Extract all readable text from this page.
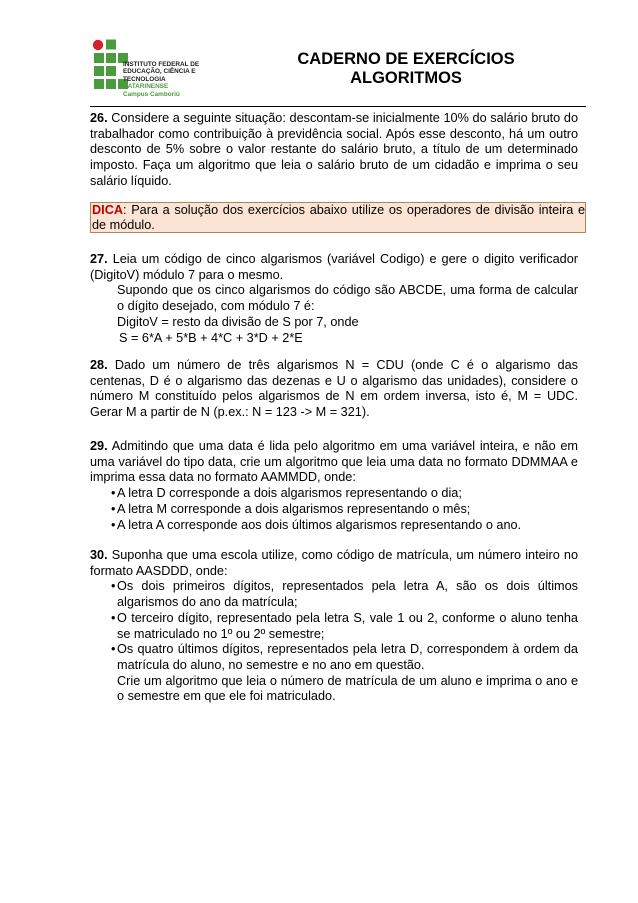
INSTITUTO FEDERAL DE
EDUCAÇÃO, CIÊNCIA E TECNOLOGIA
CATARINENSE
Campus Camboriú
CADERNO DE EXERCÍCIOS
ALGORITMOS
26. Considere a seguinte situação: descontam-se inicialmente 10% do salário bruto do trabalhador como contribuição à previdência social. Após esse desconto, há um outro desconto de 5% sobre o valor restante do salário bruto, a título de um determinado imposto. Faça um algoritmo que leia o salário bruto de um cidadão e imprima o seu salário líquido.
DICA: Para a solução dos exercícios abaixo utilize os operadores de divisão inteira e de módulo.
27. Leia um código de cinco algarismos (variável Codigo) e gere o digito verificador (DigitoV) módulo 7 para o mesmo.
Supondo que os cinco algarismos do código são ABCDE, uma forma de calcular o dígito desejado, com módulo 7 é:
DigitoV = resto da divisão de S por 7, onde
S = 6*A + 5*B + 4*C + 3*D + 2*E
28. Dado um número de três algarismos N = CDU (onde C é o algarismo das centenas, D é o algarismo das dezenas e U o algarismo das unidades), considere o número M constituído pelos algarismos de N em ordem inversa, isto é, M = UDC. Gerar M a partir de N (p.ex.: N = 123 -> M = 321).
29. Admitindo que uma data é lida pelo algoritmo em uma variável inteira, e não em uma variável do tipo data, crie um algoritmo que leia uma data no formato DDMMAA e imprima essa data no formato AAMMDD, onde:
• A letra D corresponde a dois algarismos representando o dia;
• A letra M corresponde a dois algarismos representando o mês;
• A letra A corresponde aos dois últimos algarismos representando o ano.
30. Suponha que uma escola utilize, como código de matrícula, um número inteiro no formato AASDDD, onde:
• Os dois primeiros dígitos, representados pela letra A, são os dois últimos algarismos do ano da matrícula;
• O terceiro dígito, representado pela letra S, vale 1 ou 2, conforme o aluno tenha se matriculado no 1º ou 2º semestre;
• Os quatro últimos dígitos, representados pela letra D, correspondem à ordem da matrícula do aluno, no semestre e no ano em questão.
Crie um algoritmo que leia o número de matrícula de um aluno e imprima o ano e o semestre em que ele foi matriculado.
